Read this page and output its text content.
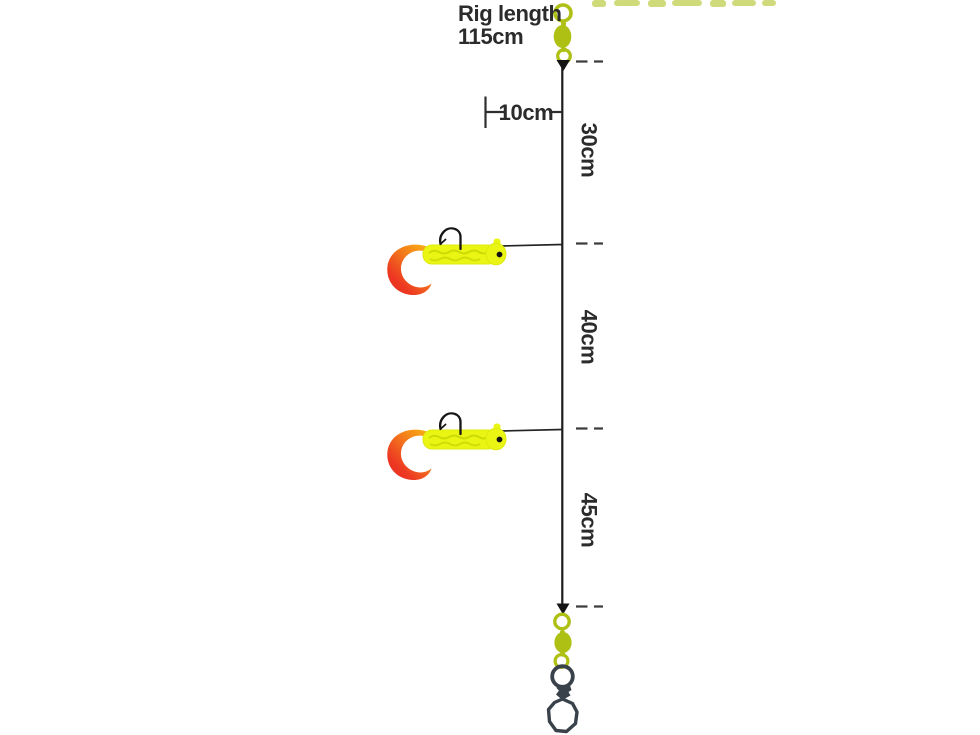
Rig length
115cm
10cm
30cm
40cm
45cm
